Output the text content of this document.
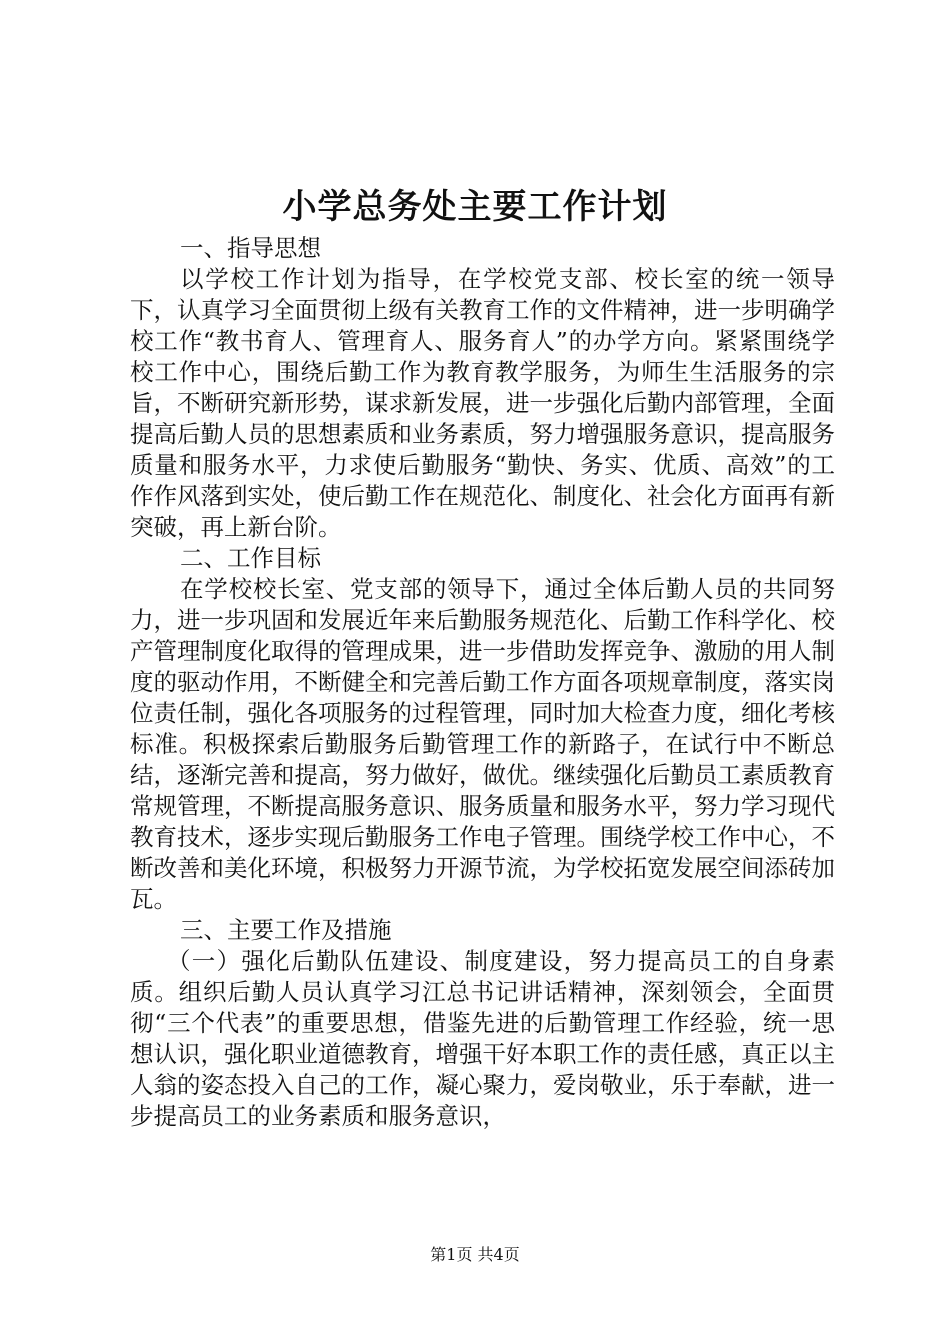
小学总务处主要工作计划

一、指导思想

以学校工作计划为指导，在学校党支部、校长室的统一领导下，认真学习全面贯彻上级有关教育工作的文件精神，进一步明确学校工作“教书育人、管理育人、服务育人”的办学方向。紧紧围绕学校工作中心，围绕后勤工作为教育教学服务，为师生生活服务的宗旨，不断研究新形势，谋求新发展，进一步强化后勤内部管理，全面提高后勤人员的思想素质和业务素质，努力增强服务意识，提高服务质量和服务水平，力求使后勤服务“勤快、务实、优质、高效”的工作作风落到实处，使后勤工作在规范化、制度化、社会化方面再有新突破，再上新台阶。

二、工作目标

在学校校长室、党支部的领导下，通过全体后勤人员的共同努力，进一步巩固和发展近年来后勤服务规范化、后勤工作科学化、校产管理制度化取得的管理成果，进一步借助发挥竞争、激励的用人制度的驱动作用，不断健全和完善后勤工作方面各项规章制度，落实岗位责任制，强化各项服务的过程管理，同时加大检查力度，细化考核标准。积极探索后勤服务后勤管理工作的新路子，在试行中不断总结，逐渐完善和提高，努力做好，做优。继续强化后勤员工素质教育常规管理，不断提高服务意识、服务质量和服务水平，努力学习现代教育技术，逐步实现后勤服务工作电子管理。围绕学校工作中心，不断改善和美化环境，积极努力开源节流，为学校拓宽发展空间添砖加瓦。

三、主要工作及措施

（一）强化后勤队伍建设、制度建设，努力提高员工的自身素质。组织后勤人员认真学习江总书记讲话精神，深刻领会，全面贯彻“三个代表”的重要思想，借鉴先进的后勤管理工作经验，统一思想认识，强化职业道德教育，增强干好本职工作的责任感，真正以主人翁的姿态投入自己的工作，凝心聚力，爱岗敬业，乐于奉献，进一步提高员工的业务素质和服务意识，

第1页 共4页
